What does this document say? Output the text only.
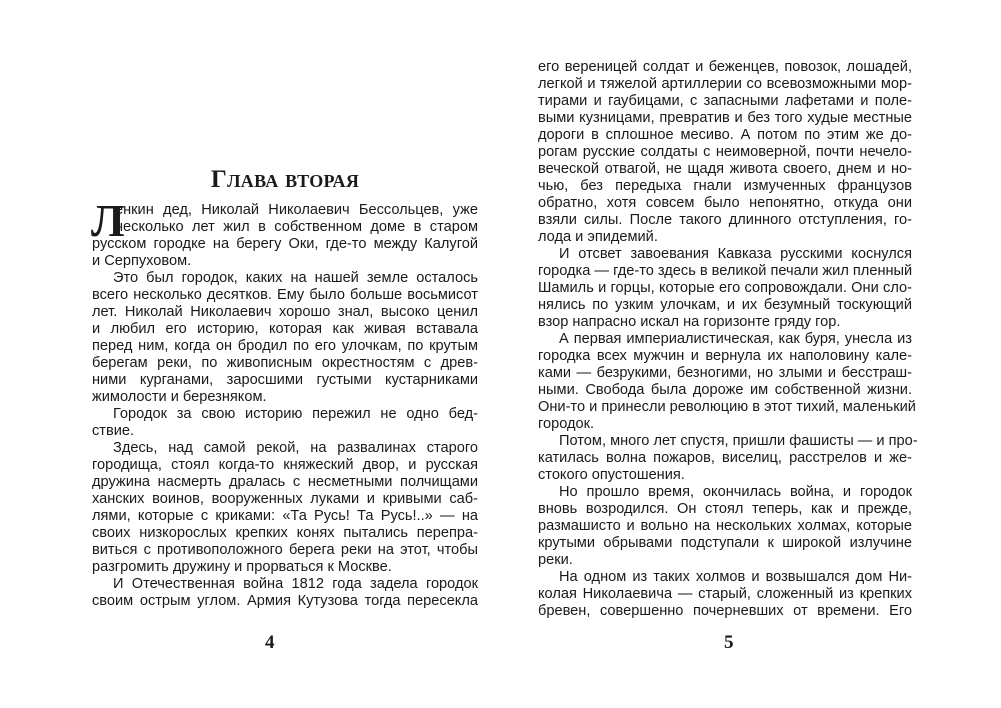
Глава вторая
Л
енкин дед, Николай Николаевич Бессольцев, уже
несколько лет жил в собственном доме в старом
русском городке на берегу Оки, где-то между Калугой
и Серпуховом.
Это был городок, каких на нашей земле осталось
всего несколько десятков. Ему было больше восьмисот
лет. Николай Николаевич хорошо знал, высоко ценил
и любил его историю, которая как живая вставала
перед ним, когда он бродил по его улочкам, по крутым
берегам реки, по живописным окрестностям с древ-
ними курганами, заросшими густыми кустарниками
жимолости и березняком.
Городок за свою историю пережил не одно бед-
ствие.
Здесь, над самой рекой, на развалинах старого
городища, стоял когда-то княжеский двор, и русская
дружина насмерть дралась с несметными полчищами
ханских воинов, вооруженных луками и кривыми саб-
лями, которые с криками: «Та Русь! Та Русь!..» — на
своих низкорослых крепких конях пытались перепра-
виться с противоположного берега реки на этот, чтобы
разгромить дружину и прорваться к Москве.
И Отечественная война 1812 года задела городок
своим острым углом. Армия Кутузова тогда пересекла
его вереницей солдат и беженцев, повозок, лошадей,
легкой и тяжелой артиллерии со всевозможными мор-
тирами и гаубицами, с запасными лафетами и поле-
выми кузницами, превратив и без того худые местные
дороги в сплошное месиво. А потом по этим же до-
рогам русские солдаты с неимоверной, почти нечело-
веческой отвагой, не щадя живота своего, днем и но-
чью, без передыха гнали измученных французов
обратно, хотя совсем было непонятно, откуда они
взяли силы. После такого длинного отступления, го-
лода и эпидемий.
И отсвет завоевания Кавказа русскими коснулся
городка — где-то здесь в великой печали жил пленный
Шамиль и горцы, которые его сопровождали. Они сло-
нялись по узким улочкам, и их безумный тоскующий
взор напрасно искал на горизонте гряду гор.
А первая империалистическая, как буря, унесла из
городка всех мужчин и вернула их наполовину кале-
ками — безрукими, безногими, но злыми и бесстраш-
ными. Свобода была дороже им собственной жизни.
Они-то и принесли революцию в этот тихий, маленький
городок.
Потом, много лет спустя, пришли фашисты — и про-
катилась волна пожаров, виселиц, расстрелов и же-
стокого опустошения.
Но прошло время, окончилась война, и городок
вновь возродился. Он стоял теперь, как и прежде,
размашисто и вольно на нескольких холмах, которые
крутыми обрывами подступали к широкой излучине
реки.
На одном из таких холмов и возвышался дом Ни-
колая Николаевича — старый, сложенный из крепких
бревен, совершенно почерневших от времени. Его
4	5
